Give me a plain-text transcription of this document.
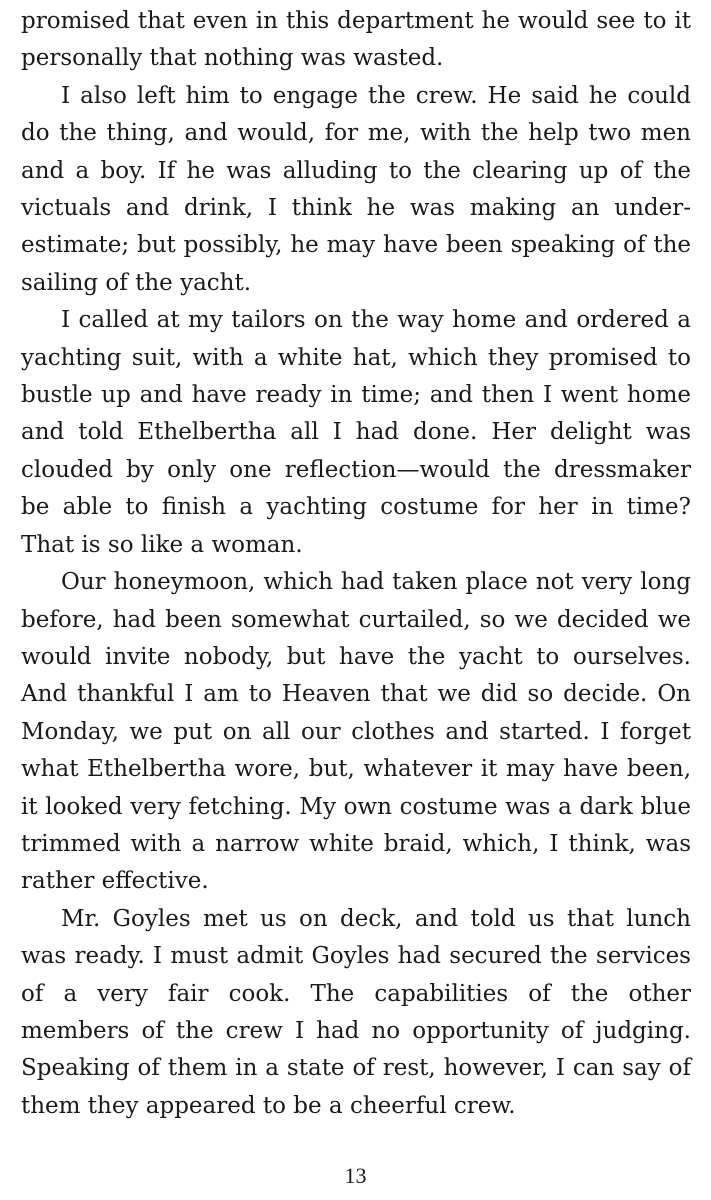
promised that even in this department he would see to it personally that nothing was wasted.

I also left him to engage the crew. He said he could do the thing, and would, for me, with the help two men and a boy. If he was alluding to the clearing up of the victuals and drink, I think he was making an under-estimate; but possibly, he may have been speaking of the sailing of the yacht.

I called at my tailors on the way home and ordered a yachting suit, with a white hat, which they promised to bustle up and have ready in time; and then I went home and told Ethelbertha all I had done. Her delight was clouded by only one reflection—would the dressmaker be able to finish a yachting costume for her in time? That is so like a woman.

Our honeymoon, which had taken place not very long before, had been somewhat curtailed, so we decided we would invite nobody, but have the yacht to ourselves. And thankful I am to Heaven that we did so decide. On Monday, we put on all our clothes and started. I forget what Ethelbertha wore, but, whatever it may have been, it looked very fetching. My own costume was a dark blue trimmed with a narrow white braid, which, I think, was rather effective.

Mr. Goyles met us on deck, and told us that lunch was ready. I must admit Goyles had secured the services of a very fair cook. The capabilities of the other members of the crew I had no opportunity of judging. Speaking of them in a state of rest, however, I can say of them they appeared to be a cheerful crew.

13
